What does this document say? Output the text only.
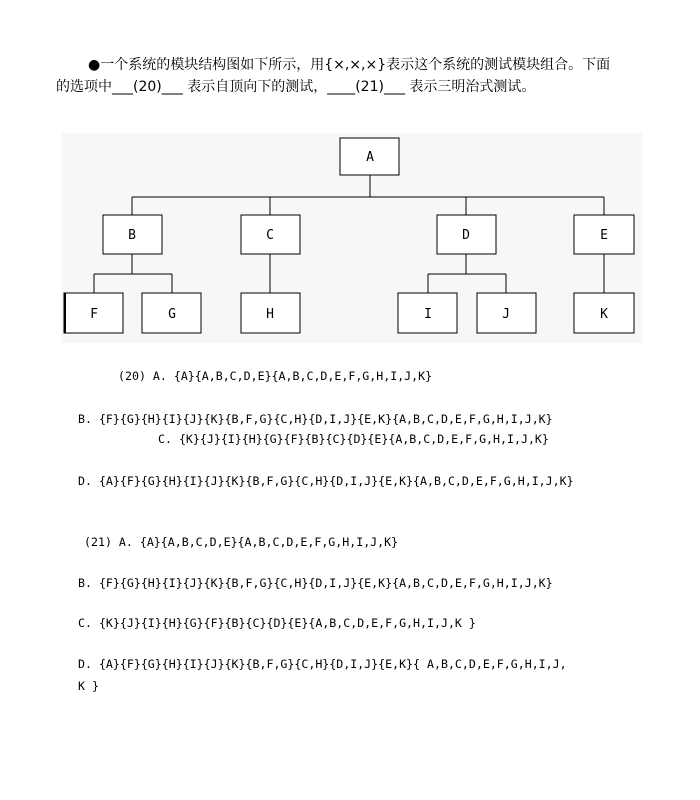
●一个系统的模块结构图如下所示，用{×,×,×}表示这个系统的测试模块组合。下面的选项中___(20)___ 表示自顶向下的测试，____(21)___ 表示三明治式测试。

A
B	C	D	E
F	G	H	I	J	K

(20) A. {A}{A,B,C,D,E}{A,B,C,D,E,F,G,H,I,J,K}

B. {F}{G}{H}{I}{J}{K}{B,F,G}{C,H}{D,I,J}{E,K}{A,B,C,D,E,F,G,H,I,J,K}

C. {K}{J}{I}{H}{G}{F}{B}{C}{D}{E}{A,B,C,D,E,F,G,H,I,J,K}

D. {A}{F}{G}{H}{I}{J}{K}{B,F,G}{C,H}{D,I,J}{E,K}{A,B,C,D,E,F,G,H,I,J,K}

(21) A. {A}{A,B,C,D,E}{A,B,C,D,E,F,G,H,I,J,K}

B. {F}{G}{H}{I}{J}{K}{B,F,G}{C,H}{D,I,J}{E,K}{A,B,C,D,E,F,G,H,I,J,K}

C. {K}{J}{I}{H}{G}{F}{B}{C}{D}{E}{A,B,C,D,E,F,G,H,I,J,K }

D. {A}{F}{G}{H}{I}{J}{K}{B,F,G}{C,H}{D,I,J}{E,K}{ A,B,C,D,E,F,G,H,I,J,

K }
